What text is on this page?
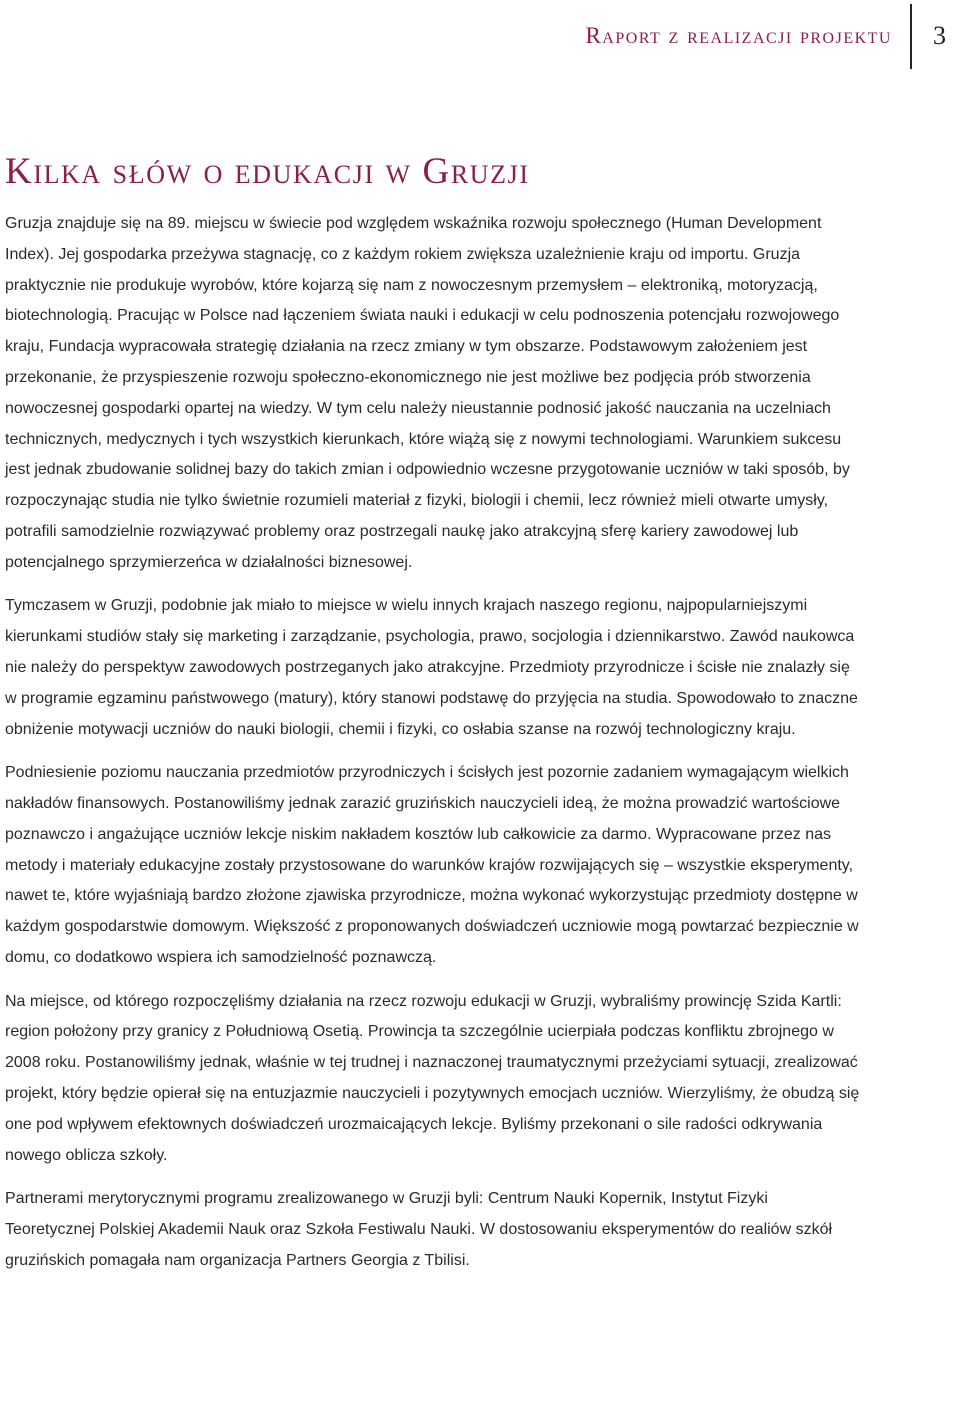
Raport z realizacji projektu 3
Kilka słów o edukacji w Gruzji

Gruzja znajduje się na 89. miejscu w świecie pod względem wskaźnika rozwoju społecznego (Human Development Index). Jej gospodarka przeżywa stagnację, co z każdym rokiem zwiększa uzależnienie kraju od importu. Gruzja praktycznie nie produkuje wyrobów, które kojarzą się nam z nowoczesnym przemysłem – elektroniką, motoryzacją, biotechnologią. Pracując w Polsce nad łączeniem świata nauki i edukacji w celu podnoszenia potencjału rozwojowego kraju, Fundacja wypracowała strategię działania na rzecz zmiany w tym obszarze. Podstawowym założeniem jest przekonanie, że przyspieszenie rozwoju społeczno-ekonomicznego nie jest możliwe bez podjęcia prób stworzenia nowoczesnej gospodarki opartej na wiedzy. W tym celu należy nieustannie podnosić jakość nauczania na uczelniach technicznych, medycznych i tych wszystkich kierunkach, które wiążą się z nowymi technologiami. Warunkiem sukcesu jest jednak zbudowanie solidnej bazy do takich zmian i odpowiednio wczesne przygotowanie uczniów w taki sposób, by rozpoczynając studia nie tylko świetnie rozumieli materiał z fizyki, biologii i chemii, lecz również mieli otwarte umysły, potrafili samodzielnie rozwiązywać problemy oraz postrzegali naukę jako atrakcyjną sferę kariery zawodowej lub potencjalnego sprzymierzeńca w działalności biznesowej.

Tymczasem w Gruzji, podobnie jak miało to miejsce w wielu innych krajach naszego regionu, najpopularniejszymi kierunkami studiów stały się marketing i zarządzanie, psychologia, prawo, socjologia i dziennikarstwo. Zawód naukowca nie należy do perspektyw zawodowych postrzeganych jako atrakcyjne. Przedmioty przyrodnicze i ścisłe nie znalazły się w programie egzaminu państwowego (matury), który stanowi podstawę do przyjęcia na studia. Spowodowało to znaczne obniżenie motywacji uczniów do nauki biologii, chemii i fizyki, co osłabia szanse na rozwój technologiczny kraju.

Podniesienie poziomu nauczania przedmiotów przyrodniczych i ścisłych jest pozornie zadaniem wymagającym wielkich nakładów finansowych. Postanowiliśmy jednak zarazić gruzińskich nauczycieli ideą, że można prowadzić wartościowe poznawczo i angażujące uczniów lekcje niskim nakładem kosztów lub całkowicie za darmo. Wypracowane przez nas metody i materiały edukacyjne zostały przystosowane do warunków krajów rozwijających się – wszystkie eksperymenty, nawet te, które wyjaśniają bardzo złożone zjawiska przyrodnicze, można wykonać wykorzystując przedmioty dostępne w każdym gospodarstwie domowym. Większość z proponowanych doświadczeń uczniowie mogą powtarzać bezpiecznie w domu, co dodatkowo wspiera ich samodzielność poznawczą.

Na miejsce, od którego rozpoczęliśmy działania na rzecz rozwoju edukacji w Gruzji, wybraliśmy prowincję Szida Kartli: region położony przy granicy z Południową Osetią. Prowincja ta szczególnie ucierpiała podczas konfliktu zbrojnego w 2008 roku. Postanowiliśmy jednak, właśnie w tej trudnej i naznaczonej traumatycznymi przeżyciami sytuacji, zrealizować projekt, który będzie opierał się na entuzjazmie nauczycieli i pozytywnych emocjach uczniów. Wierzyliśmy, że obudzą się one pod wpływem efektownych doświadczeń urozmaicających lekcje. Byliśmy przekonani o sile radości odkrywania nowego oblicza szkoły.

Partnerami merytorycznymi programu zrealizowanego w Gruzji byli: Centrum Nauki Kopernik, Instytut Fizyki Teoretycznej Polskiej Akademii Nauk oraz Szkoła Festiwalu Nauki. W dostosowaniu eksperymentów do realiów szkół gruzińskich pomagała nam organizacja Partners Georgia z Tbilisi.
